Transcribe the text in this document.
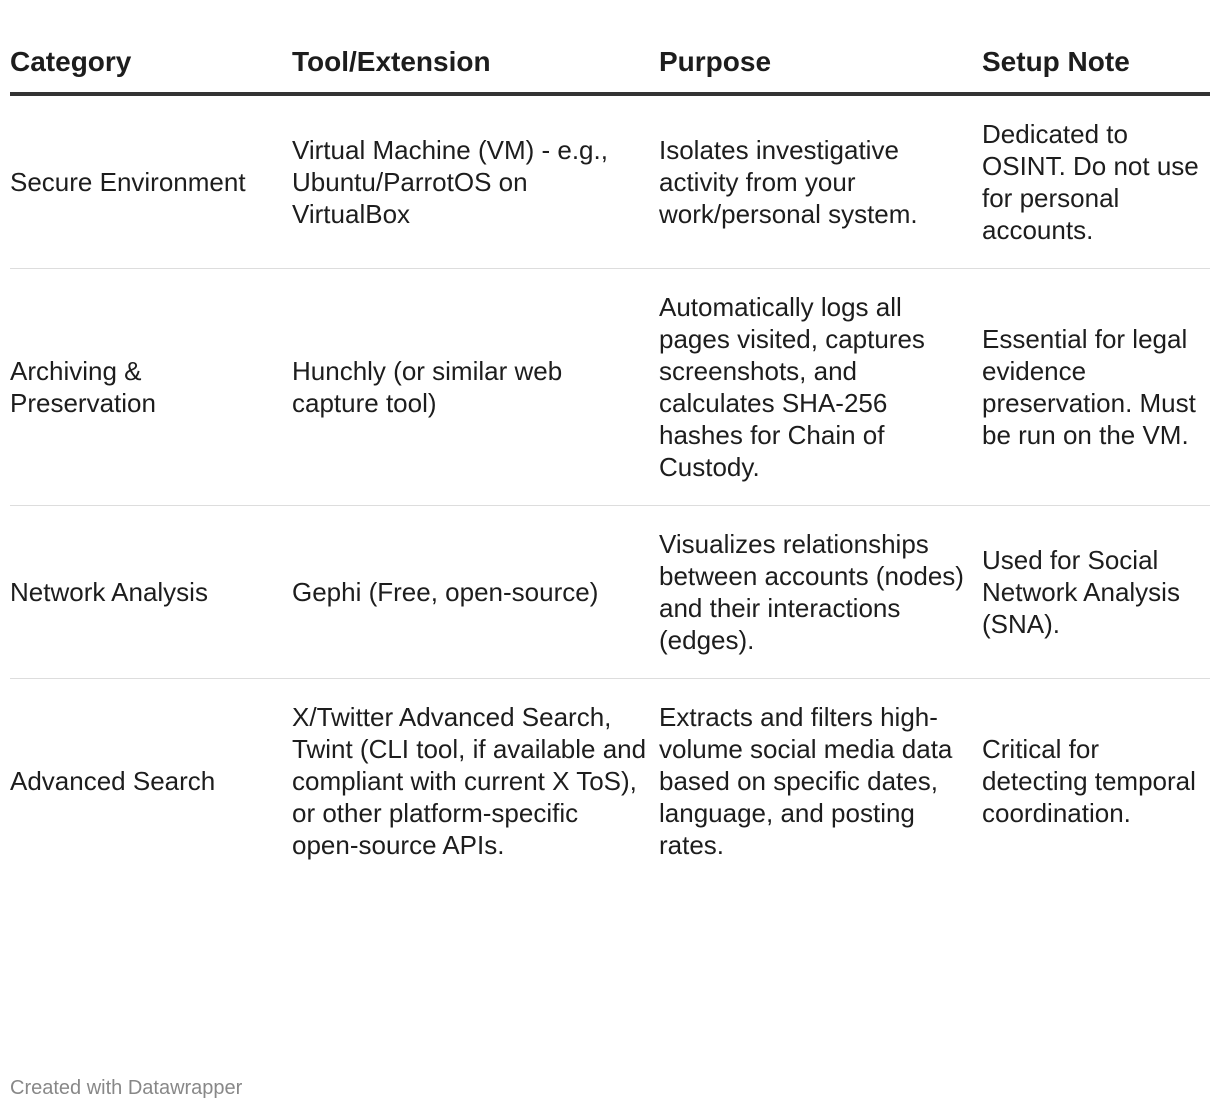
Category	Tool/Extension	Purpose	Setup Note
Secure Environment	Virtual Machine (VM) - e.g., Ubuntu/ParrotOS on VirtualBox	Isolates investigative activity from your work/personal system.	Dedicated to OSINT. Do not use for personal accounts.
Archiving & Preservation	Hunchly (or similar web capture tool)	Automatically logs all pages visited, captures screenshots, and calculates SHA-256 hashes for Chain of Custody.	Essential for legal evidence preservation. Must be run on the VM.
Network Analysis	Gephi (Free, open-source)	Visualizes relationships between accounts (nodes) and their interactions (edges).	Used for Social Network Analysis (SNA).
Advanced Search	X/Twitter Advanced Search, Twint (CLI tool, if available and compliant with current X ToS), or other platform-specific open-source APIs.	Extracts and filters high-volume social media data based on specific dates, language, and posting rates.	Critical for detecting temporal coordination.
Created with Datawrapper
